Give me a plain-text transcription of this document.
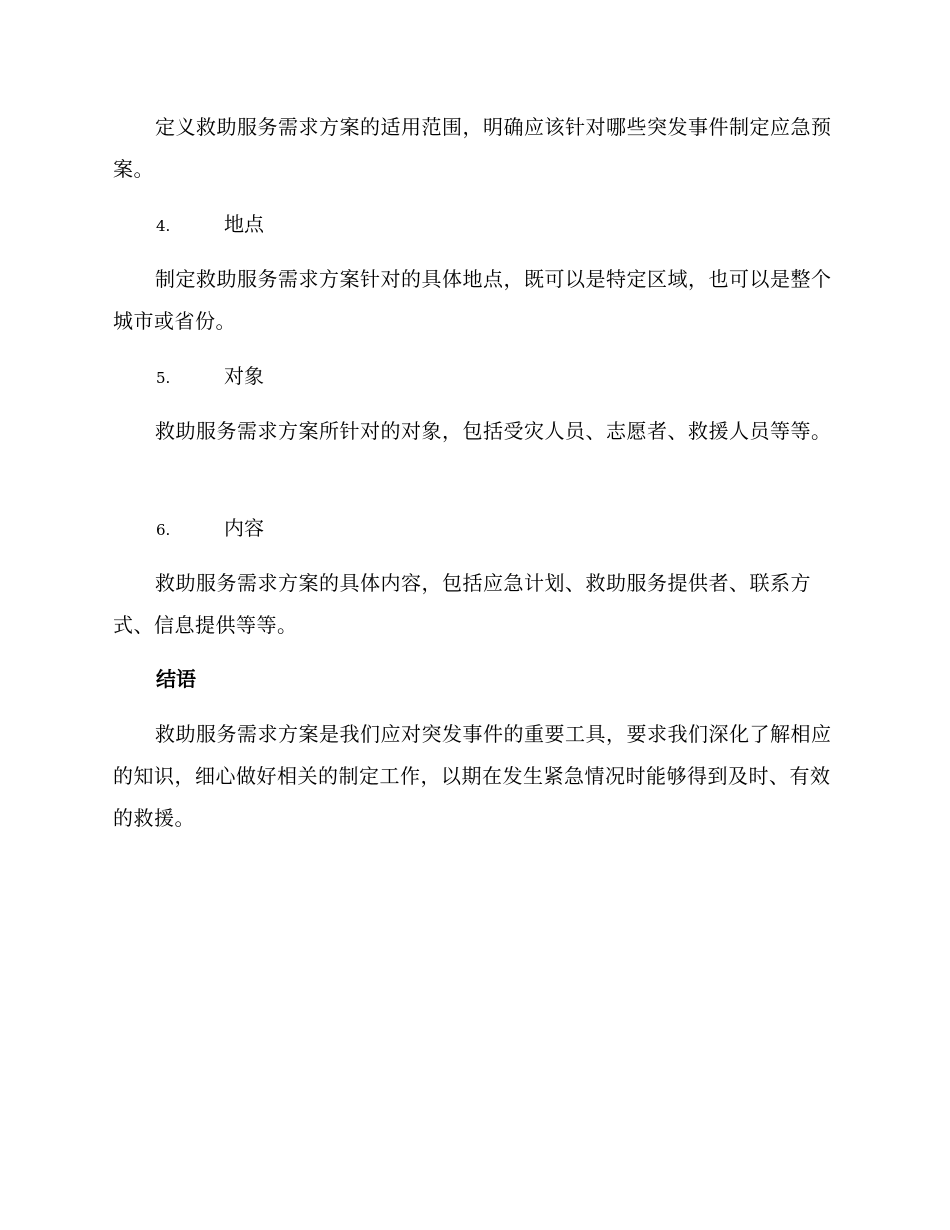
定义救助服务需求方案的适用范围，明确应该针对哪些突发事件制定应急预案。

4.	地点

制定救助服务需求方案针对的具体地点，既可以是特定区域，也可以是整个城市或省份。

5.	对象

救助服务需求方案所针对的对象，包括受灾人员、志愿者、救援人员等等。

6.	内容

救助服务需求方案的具体内容，包括应急计划、救助服务提供者、联系方式、信息提供等等。

结语

救助服务需求方案是我们应对突发事件的重要工具，要求我们深化了解相应的知识，细心做好相关的制定工作，以期在发生紧急情况时能够得到及时、有效的救援。
